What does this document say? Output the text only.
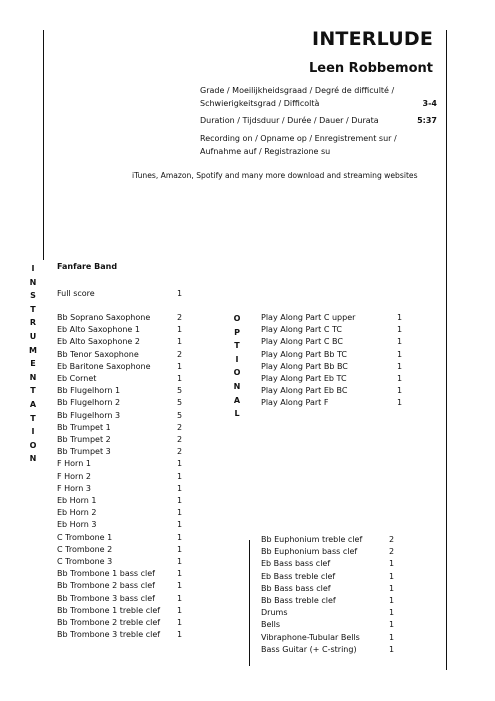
INTERLUDE
Leen Robbemont
Grade / Moeilijkheidsgraad / Degré de difficulté / Schwierigkeitsgrad / Difficoltà	3-4
Duration / Tijdsduur / Durée / Dauer / Durata	5:37
Recording on / Opname op / Enregistrement sur / Aufnahme auf / Registrazione su
iTunes, Amazon, Spotify and many more download and streaming websites
I
N
S
T
R
U
M
E
N
T
A
T
I
O
N
O
P
T
I
O
N
A
L
Fanfare Band
Full score	1
Bb Soprano Saxophone	2
Eb Alto Saxophone 1	1
Eb Alto Saxophone 2	1
Bb Tenor Saxophone	2
Eb Baritone Saxophone	1
Eb Cornet	1
Bb Flugelhorn 1	5
Bb Flugelhorn 2	5
Bb Flugelhorn 3	5
Bb Trumpet 1	2
Bb Trumpet 2	2
Bb Trumpet 3	2
F Horn 1	1
F Horn 2	1
F Horn 3	1
Eb Horn 1	1
Eb Horn 2	1
Eb Horn 3	1
C Trombone 1	1
C Trombone 2	1
C Trombone 3	1
Bb Trombone 1 bass clef	1
Bb Trombone 2 bass clef	1
Bb Trombone 3 bass clef	1
Bb Trombone 1 treble clef 1
Bb Trombone 2 treble clef 1
Bb Trombone 3 treble clef 1
Play Along Part C upper	1
Play Along Part C TC	1
Play Along Part C BC	1
Play Along Part Bb TC	1
Play Along Part Bb BC	1
Play Along Part Eb TC	1
Play Along Part Eb BC	1
Play Along Part F	1
Bb Euphonium treble clef	2
Bb Euphonium bass clef	2
Eb Bass bass clef	1
Eb Bass treble clef	1
Bb Bass bass clef	1
Bb Bass treble clef	1
Drums	1
Bells	1
Vibraphone-Tubular Bells	1
Bass Guitar (+ C-string)	1
